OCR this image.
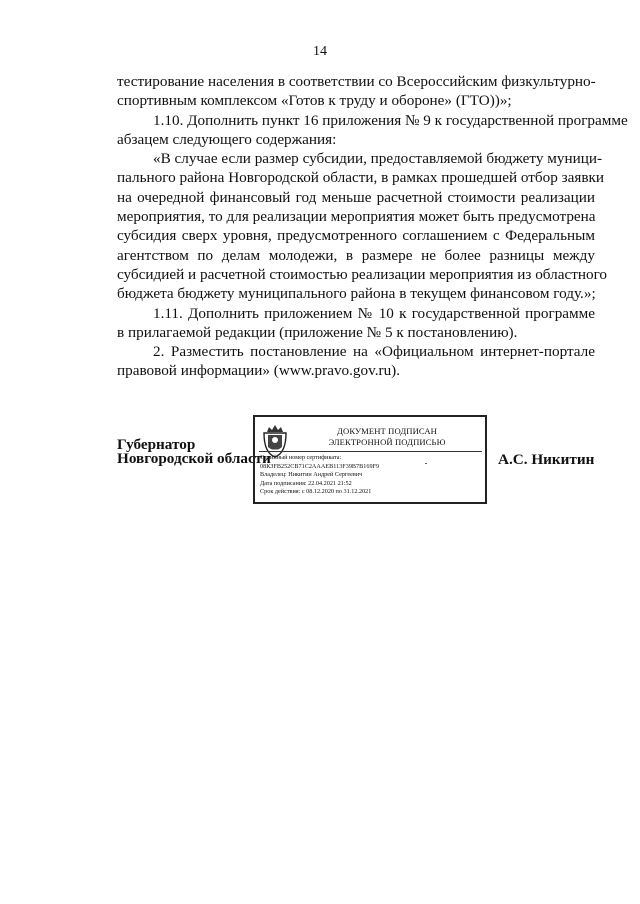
14
тестирование населения в соответствии со Всероссийским физкультурно-
спортивным комплексом «Готов к труду и обороне» (ГТО))»;
1.10. Дополнить пункт 16 приложения № 9 к государственной программе
абзацем следующего содержания:
«В случае если размер субсидии, предоставляемой бюджету муници-
пального района Новгородской области, в рамках прошедшей отбор заявки
на очередной финансовый год меньше расчетной стоимости реализации
мероприятия, то для реализации мероприятия может быть предусмотрена
субсидия сверх уровня, предусмотренного соглашением с Федеральным
агентством по делам молодежи, в размере не более разницы между
субсидией и расчетной стоимостью реализации мероприятия из областного
бюджета бюджету муниципального района в текущем финансовом году.»;
1.11. Дополнить приложением № 10 к государственной программе
в прилагаемой редакции (приложение № 5 к постановлению).
2. Разместить постановление на «Официальном интернет-портале
правовой информации» (www.pravo.gov.ru).
Губернатор
Новгородской области
ДОКУМЕНТ ПОДПИСАН
ЭЛЕКТРОННОЙ ПОДПИСЬЮ
Серийный номер сертификата:
08КЗFB252CB71C2AAAEB113F39B7B169F9
Владелец: Никитин Андрей Сергеевич
Дата подписания: 22.04.2021 21:52
Срок действия: с 08.12.2020 по 31.12.2021
А.С. Никитин
